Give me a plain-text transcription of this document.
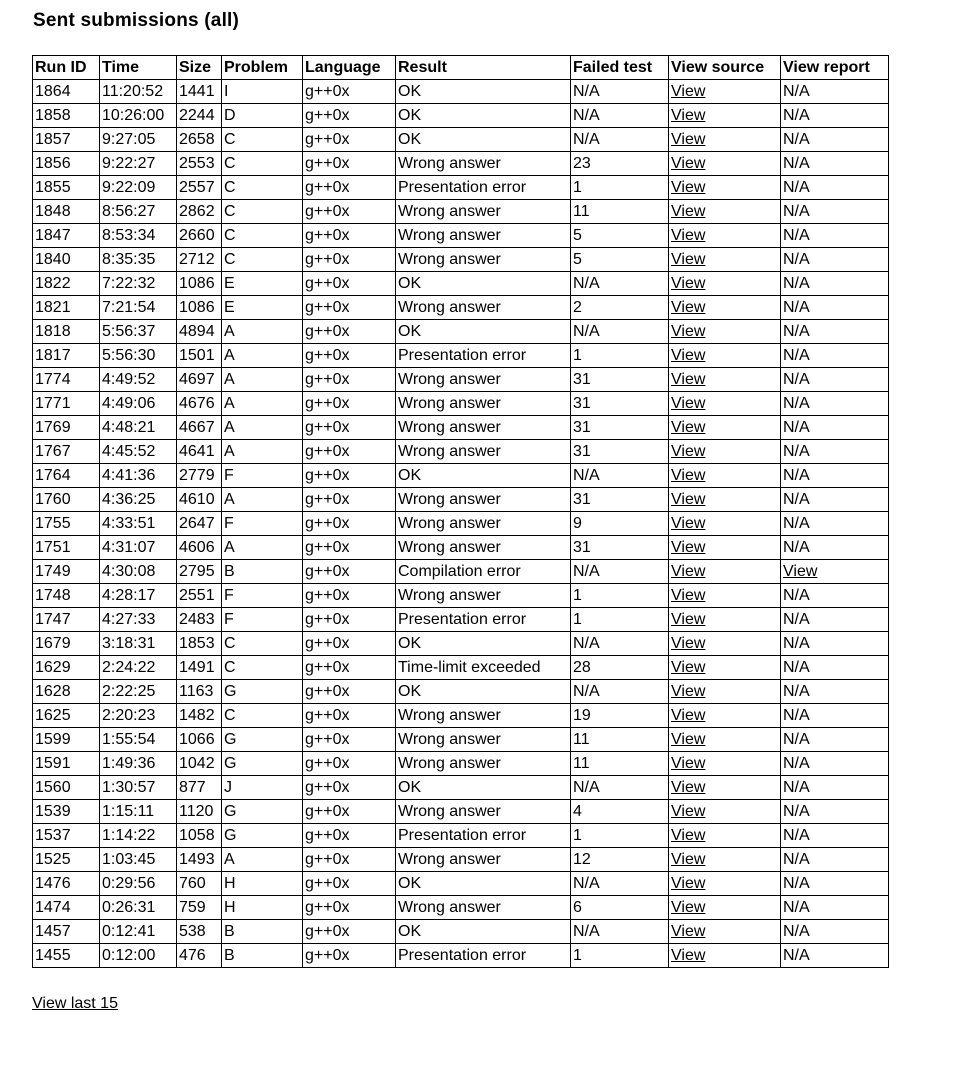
Sent submissions (all)
Run ID	Time	Size	Problem	Language	Result	Failed test	View source	View report
1864	11:20:52	1441	I	g++0x	OK	N/A	View	N/A
1858	10:26:00	2244	D	g++0x	OK	N/A	View	N/A
1857	9:27:05	2658	C	g++0x	OK	N/A	View	N/A
1856	9:22:27	2553	C	g++0x	Wrong answer	23	View	N/A
1855	9:22:09	2557	C	g++0x	Presentation error	1	View	N/A
1848	8:56:27	2862	C	g++0x	Wrong answer	11	View	N/A
1847	8:53:34	2660	C	g++0x	Wrong answer	5	View	N/A
1840	8:35:35	2712	C	g++0x	Wrong answer	5	View	N/A
1822	7:22:32	1086	E	g++0x	OK	N/A	View	N/A
1821	7:21:54	1086	E	g++0x	Wrong answer	2	View	N/A
1818	5:56:37	4894	A	g++0x	OK	N/A	View	N/A
1817	5:56:30	1501	A	g++0x	Presentation error	1	View	N/A
1774	4:49:52	4697	A	g++0x	Wrong answer	31	View	N/A
1771	4:49:06	4676	A	g++0x	Wrong answer	31	View	N/A
1769	4:48:21	4667	A	g++0x	Wrong answer	31	View	N/A
1767	4:45:52	4641	A	g++0x	Wrong answer	31	View	N/A
1764	4:41:36	2779	F	g++0x	OK	N/A	View	N/A
1760	4:36:25	4610	A	g++0x	Wrong answer	31	View	N/A
1755	4:33:51	2647	F	g++0x	Wrong answer	9	View	N/A
1751	4:31:07	4606	A	g++0x	Wrong answer	31	View	N/A
1749	4:30:08	2795	B	g++0x	Compilation error	N/A	View	View
1748	4:28:17	2551	F	g++0x	Wrong answer	1	View	N/A
1747	4:27:33	2483	F	g++0x	Presentation error	1	View	N/A
1679	3:18:31	1853	C	g++0x	OK	N/A	View	N/A
1629	2:24:22	1491	C	g++0x	Time-limit exceeded	28	View	N/A
1628	2:22:25	1163	G	g++0x	OK	N/A	View	N/A
1625	2:20:23	1482	C	g++0x	Wrong answer	19	View	N/A
1599	1:55:54	1066	G	g++0x	Wrong answer	11	View	N/A
1591	1:49:36	1042	G	g++0x	Wrong answer	11	View	N/A
1560	1:30:57	877	J	g++0x	OK	N/A	View	N/A
1539	1:15:11	1120	G	g++0x	Wrong answer	4	View	N/A
1537	1:14:22	1058	G	g++0x	Presentation error	1	View	N/A
1525	1:03:45	1493	A	g++0x	Wrong answer	12	View	N/A
1476	0:29:56	760	H	g++0x	OK	N/A	View	N/A
1474	0:26:31	759	H	g++0x	Wrong answer	6	View	N/A
1457	0:12:41	538	B	g++0x	OK	N/A	View	N/A
1455	0:12:00	476	B	g++0x	Presentation error	1	View	N/A
View last 15
